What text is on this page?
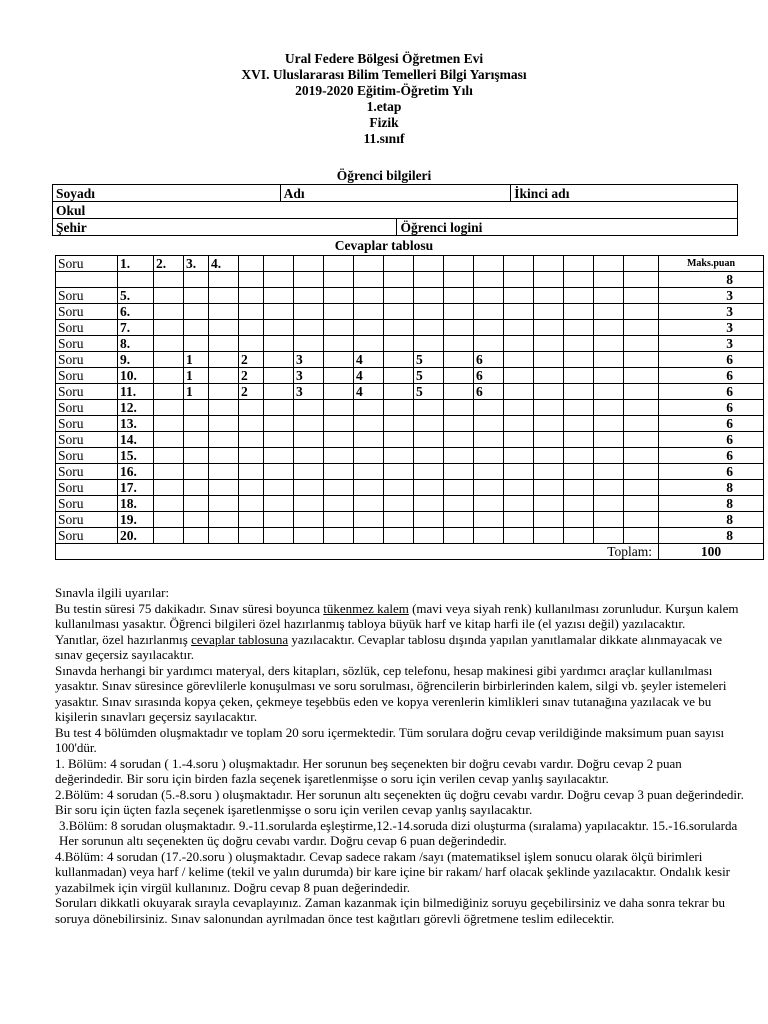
Ural Federe Bölgesi Öğretmen Evi
XVI. Uluslararası Bilim Temelleri Bilgi Yarışması
2019-2020 Eğitim-Öğretim Yılı
1.etap
Fizik
11.sınıf
Öğrenci bilgileri
Soyadı	Adı		İkinci adı
Okul			
Şehir		Öğrenci logini	
Cevaplar tablosu
Soru	1.	2.	3.	4.															Maks.puan
																			8
Soru	5.																		3
Soru	6.																		3
Soru	7.																		3
Soru	8.																		3
Soru	9.		1		2		3		4		5		6						6
Soru	10.		1		2		3		4		5		6						6
Soru	11.		1		2		3		4		5		6						6
Soru	12.																		6
Soru	13.																		6
Soru	14.																		6
Soru	15.																		6
Soru	16.																		6
Soru	17.																		8
Soru	18.																		8
Soru	19.																		8
Soru	20.																		8
Toplam:																			100

Sınavla ilgili uyarılar:

Bu testin süresi 75 dakikadır. Sınav süresi boyunca tükenmez kalem (mavi veya siyah renk) kullanılması zorunludur. Kurşun kalem kullanılması yasaktır. Öğrenci bilgileri özel hazırlanmış tabloya büyük harf ve kitap harfi ile (el yazısı değil) yazılacaktır.

Yanıtlar, özel hazırlanmış cevaplar tablosuna yazılacaktır. Cevaplar tablosu dışında yapılan yanıtlamalar dikkate alınmayacak ve sınav geçersiz sayılacaktır.

Sınavda herhangi bir yardımcı materyal, ders kitapları, sözlük, cep telefonu, hesap makinesi gibi yardımcı araçlar kullanılması yasaktır. Sınav süresince görevlilerle konuşulması ve soru sorulması, öğrencilerin birbirlerinden kalem, silgi vb. şeyler istemeleri yasaktır. Sınav sırasında kopya çeken, çekmeye teşebbüs eden ve kopya verenlerin kimlikleri sınav tutanağına yazılacak ve bu kişilerin sınavları geçersiz sayılacaktır.

Bu test 4 bölümden oluşmaktadır ve toplam 20 soru içermektedir. Tüm sorulara doğru cevap verildiğinde maksimum puan sayısı 100'dür.

1. Bölüm: 4 sorudan ( 1.-4.soru ) oluşmaktadır. Her sorunun beş seçenekten bir doğru cevabı vardır. Doğru cevap 2 puan değerindedir. Bir soru için birden fazla seçenek işaretlenmişse o soru için verilen cevap yanlış sayılacaktır.

2.Bölüm: 4 sorudan (5.-8.soru ) oluşmaktadır. Her sorunun altı seçenekten üç doğru cevabı vardır. Doğru cevap 3 puan değerindedir. Bir soru için üçten fazla seçenek işaretlenmişse o soru için verilen cevap yanlış sayılacaktır.

3.Bölüm: 8 sorudan oluşmaktadır. 9.-11.sorularda eşleştirme,12.-14.soruda dizi oluşturma (sıralama) yapılacaktır. 15.-16.sorularda Her sorunun altı seçenekten üç doğru cevabı vardır. Doğru cevap 6 puan değerindedir.

4.Bölüm: 4 sorudan (17.-20.soru ) oluşmaktadır. Cevap sadece rakam /sayı (matematiksel işlem sonucu olarak ölçü birimleri kullanmadan) veya harf / kelime (tekil ve yalın durumda) bir kare içine bir rakam/ harf olacak şeklinde yazılacaktır. Ondalık kesir yazabilmek için virgül kullanınız. Doğru cevap 8 puan değerindedir.

Soruları dikkatli okuyarak sırayla cevaplayınız. Zaman kazanmak için bilmediğiniz soruyu geçebilirsiniz ve daha sonra tekrar bu soruya dönebilirsiniz. Sınav salonundan ayrılmadan önce test kağıtları görevli öğretmene teslim edilecektir.
